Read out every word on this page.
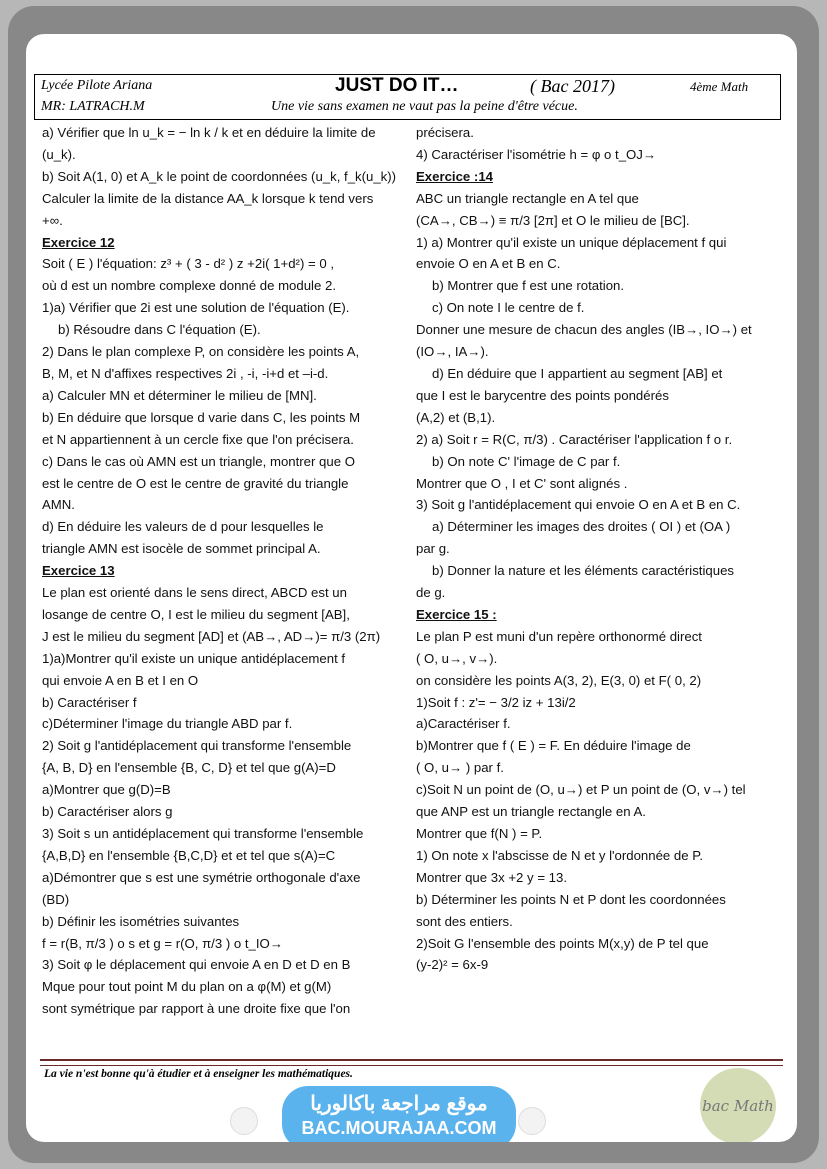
Lycée Pilote Ariana
MR: LATRACH.M
JUST DO IT…	( Bac 2017)	4ème Math
Une vie sans examen ne vaut pas la peine d'être vécue.

a) Vérifier que ln u_k = − ln k / k et en déduire la limite de

(u_k).

b) Soit A(1, 0) et A_k le point de coordonnées (u_k, f_k(u_k))

Calculer la limite de la distance AA_k lorsque k tend vers

+∞.

Exercice 12

Soit ( E ) l'équation: z³ + ( 3 - d² ) z +2i( 1+d²) = 0 ,

où d est un nombre complexe donné de module 2.

1)a) Vérifier que 2i est une solution de l'équation (E).

b) Résoudre dans C l'équation (E).

2) Dans le plan complexe P, on considère les points A,

B, M, et N d'affixes respectives 2i , -i, -i+d et –i-d.

a) Calculer MN et déterminer le milieu de [MN].

b) En déduire que lorsque d varie dans C, les points M

et N appartiennent à un cercle fixe que l'on précisera.

c) Dans le cas où AMN est un triangle, montrer que O

est le centre de O est le centre de gravité du triangle

AMN.

d) En déduire les valeurs de d pour lesquelles le

triangle AMN est isocèle de sommet principal A.

Exercice 13

Le plan est orienté dans le sens direct, ABCD est un

losange de centre O, I est le milieu du segment [AB],

J est le milieu du segment [AD] et (AB→, AD→)= π/3 (2π)

1)a)Montrer qu'il existe un unique antidéplacement f

qui envoie A en B et I en O

b) Caractériser f

c)Déterminer l'image du triangle ABD par f.

2) Soit g l'antidéplacement qui transforme l'ensemble

{A, B, D} en l'ensemble {B, C, D} et tel que g(A)=D

a)Montrer que g(D)=B

b) Caractériser alors g

3) Soit s un antidéplacement qui transforme l'ensemble

{A,B,D} en l'ensemble {B,C,D} et et tel que s(A)=C

a)Démontrer que s est une symétrie orthogonale d'axe

(BD)

b) Définir les isométries suivantes

f = r(B, π/3 ) o s et g = r(O, π/3 ) o t_IO→

3) Soit φ le déplacement qui envoie A en D et D en B

Mque pour tout point M du plan on a φ(M) et g(M)

sont symétrique par rapport à une droite fixe que l'on

précisera.

4) Caractériser l'isométrie h = φ o t_OJ→

Exercice :14

ABC un triangle rectangle en A tel que

(CA→, CB→) ≡ π/3 [2π] et O le milieu de [BC].

1) a) Montrer qu'il existe un unique déplacement f qui

envoie O en A et B en C.

b) Montrer que f est une rotation.

c) On note I le centre de f.

Donner une mesure de chacun des angles (IB→, IO→) et

(IO→, IA→).

d) En déduire que I appartient au segment [AB] et

que I est le barycentre des points pondérés

(A,2) et (B,1).

2) a) Soit r = R(C, π/3) . Caractériser l'application f o r.

b) On note C' l'image de C par f.

Montrer que O , I et C' sont alignés .

3) Soit g l'antidéplacement qui envoie O en A et B en C.

a) Déterminer les images des droites ( OI ) et (OA )

par g.

b) Donner la nature et les éléments caractéristiques

de g.

Exercice 15 :

Le plan P est muni d'un repère orthonormé direct

( O, u→, v→).

on considère les points A(3, 2), E(3, 0) et F( 0, 2)

1)Soit f : z'= − 3/2 iz + 13i/2

a)Caractériser f.

b)Montrer que f ( E ) = F. En déduire l'image de

( O, u→ ) par f.

c)Soit N un point de (O, u→) et P un point de (O, v→) tel

que ANP est un triangle rectangle en A.

Montrer que f(N ) = P.

1) On note x l'abscisse de N et y l'ordonnée de P.

Montrer que 3x +2 y = 13.

b) Déterminer les points N et P dont les coordonnées

sont des entiers.

2)Soit G l'ensemble des points M(x,y) de P tel que

(y-2)² = 6x-9

La vie n'est bonne qu'à étudier et à enseigner les mathématiques.
موقع مراجعة باكالوريا
BAC.MOURAJAA.COM
bac Math
